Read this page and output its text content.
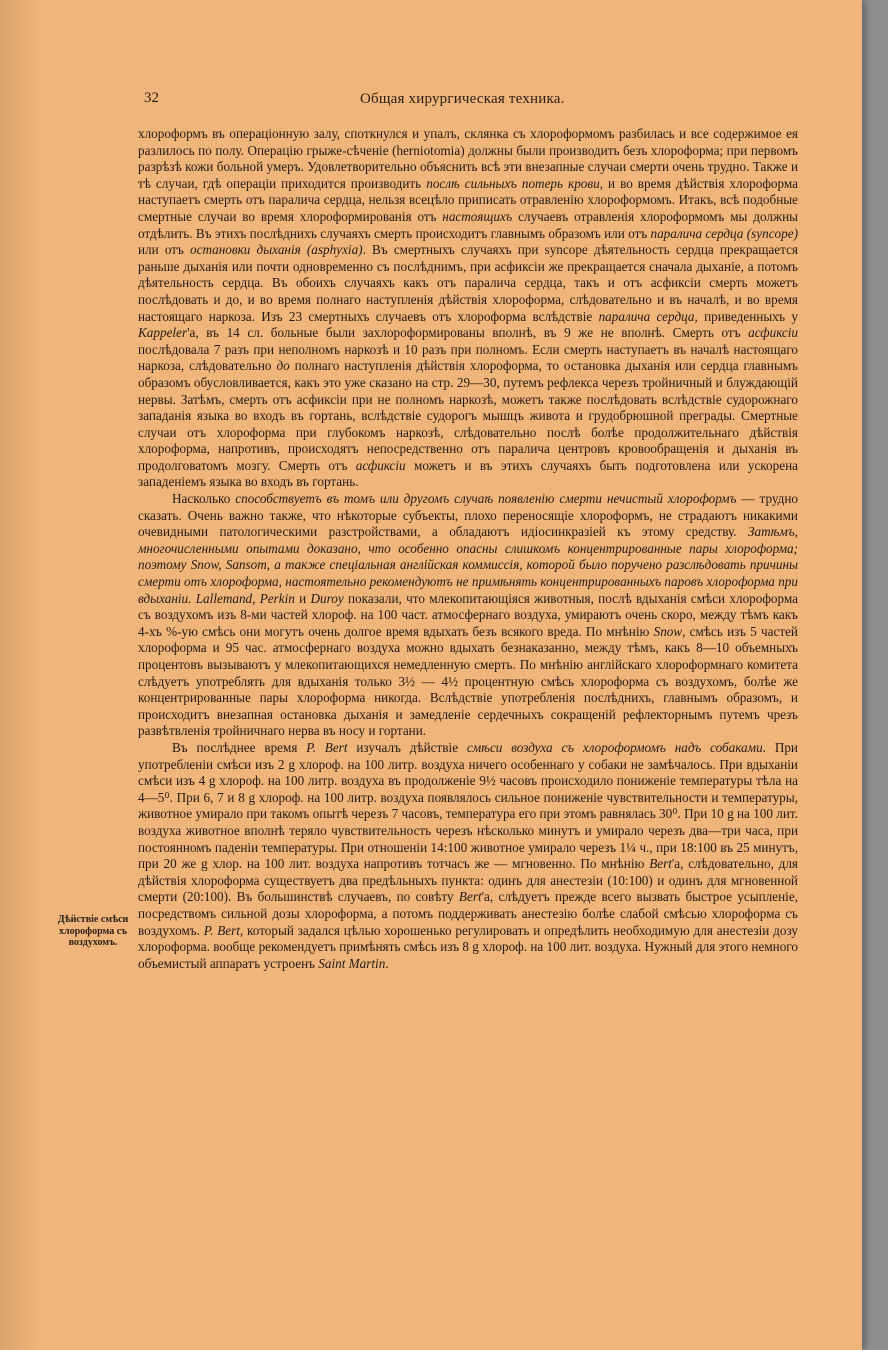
32	Общая хирургическая техника.
Дѣйствіе смѣси хлороформа съ воздухомъ.

хлороформъ въ операціонную залу, споткнулся и упалъ, склянка съ хлороформомъ разбилась и все содержимое ея разлилось по полу. Операцію грыже-сѣченіе (herniotomia) должны были производить безъ хлороформа; при первомъ разрѣзѣ кожи больной умеръ. Удовлетворительно объяснить всѣ эти внезапные случаи смерти очень трудно. Также и тѣ случаи, гдѣ операціи приходится производить послѣ сильныхъ потерь крови, и во время дѣйствія хлороформа наступаетъ смерть отъ паралича сердца, нельзя всецѣло приписать отравленію хлороформомъ. Итакъ, всѣ подобные смертные случаи во время хлороформированія отъ настоящихъ случаевъ отравленія хлороформомъ мы должны отдѣлить. Въ этихъ послѣднихъ случаяхъ смерть происходитъ главнымъ образомъ или отъ паралича сердца (syncope) или отъ остановки дыханія (asphyxia). Въ смертныхъ случаяхъ при syncope дѣятельность сердца прекращается раньше дыханія или почти одновременно съ послѣднимъ, при асфиксіи же прекращается сначала дыханіе, а потомъ дѣятельность сердца. Въ обоихъ случаяхъ какъ отъ паралича сердца, такъ и отъ асфиксіи смерть можетъ послѣдовать и до, и во время полнаго наступленія дѣйствія хлороформа, слѣдовательно и въ началѣ, и во время настоящаго наркоза. Изъ 23 смертныхъ случаевъ отъ хлороформа вслѣдствіе паралича сердца, приведенныхъ у Kappeler'а, въ 14 сл. больные были захлороформированы вполнѣ, въ 9 же не вполнѣ. Смерть отъ асфиксіи послѣдовала 7 разъ при неполномъ наркозѣ и 10 разъ при полномъ. Если смерть наступаетъ въ началѣ настоящаго наркоза, слѣдовательно до полнаго наступленія дѣйствія хлороформа, то остановка дыханія или сердца главнымъ образомъ обусловливается, какъ это уже сказано на стр. 29—30, путемъ рефлекса черезъ тройничный и блуждающій нервы. Затѣмъ, смерть отъ асфиксіи при не полномъ наркозѣ, можетъ также послѣдовать вслѣдствіе судорожнаго западанія языка во входъ въ гортань, вслѣдствіе судорогъ мышцъ живота и грудобрюшной преграды. Смертные случаи отъ хлороформа при глубокомъ наркозѣ, слѣдовательно послѣ болѣе продолжительнаго дѣйствія хлороформа, напротивъ, происходятъ непосредственно отъ паралича центровъ кровообращенія и дыханія въ продолговатомъ мозгу. Смерть отъ асфиксіи можетъ и въ этихъ случаяхъ быть подготовлена или ускорена западеніемъ языка во входъ въ гортань.

Насколько способствуетъ въ томъ или другомъ случаѣ появленію смерти нечистый хлороформъ — трудно сказать. Очень важно также, что нѣкоторые субъекты, плохо переносящіе хлороформъ, не страдаютъ никакими очевидными патологическими разстройствами, а обладаютъ идіосинкразіей къ этому средству. Затѣмъ, многочисленными опытами доказано, что особенно опасны слишкомъ концентрированные пары хлороформа; поэтому Snow, Sansom, а также спеціальная англійская коммиссія, которой было поручено разслѣдовать причины смерти отъ хлороформа, настоятельно рекомендуютъ не примѣнять концентрированныхъ паровъ хлороформа при вдыханіи. Lallemand, Perkin и Duroy показали, что млекопитающіяся животныя, послѣ вдыханія смѣси хлороформа съ воздухомъ изъ 8-ми частей хлороф. на 100 част. атмосфернаго воздуха, умираютъ очень скоро, между тѣмъ какъ 4-хъ %-ую смѣсь они могутъ очень долгое время вдыхать безъ всякого вреда. По мнѣнію Snow, смѣсь изъ 5 частей хлороформа и 95 час. атмосфернаго воздуха можно вдыхать безнаказанно, между тѣмъ, какъ 8—10 объемныхъ процентовъ вызываютъ у млекопитающихся немедленную смерть. По мнѣнію англійскаго хлороформнаго комитета слѣдуетъ употреблять для вдыханія только 3½ — 4½ процентную смѣсь хлороформа съ воздухомъ, болѣе же концентрированные пары хлороформа никогда. Вслѣдствіе употребленія послѣднихъ, главнымъ образомъ, и происходитъ внезапная остановка дыханія и замедленіе сердечныхъ сокращеній рефлекторнымъ путемъ чрезъ развѣтвленія тройничнаго нерва въ носу и гортани.

Въ послѣднее время P. Bert изучалъ дѣйствіе смѣси воздуха съ хлороформомъ надъ собаками. При употребленіи смѣси изъ 2 g хлороф. на 100 литр. воздуха ничего особеннаго у собаки не замѣчалось. При вдыханіи смѣси изъ 4 g хлороф. на 100 литр. воздуха въ продолженіе 9½ часовъ происходило пониженіе температуры тѣла на 4—5⁰. При 6, 7 и 8 g хлороф. на 100 литр. воздуха появлялось сильное пониженіе чувствительности и температуры, животное умирало при такомъ опытѣ черезъ 7 часовъ, температура его при этомъ равнялась 30⁰. При 10 g на 100 лит. воздуха животное вполнѣ теряло чувствительность черезъ нѣсколько минутъ и умирало черезъ два—три часа, при постоянномъ паденіи температуры. При отношеніи 14:100 животное умирало черезъ 1¼ ч., при 18:100 въ 25 минутъ, при 20 же g хлор. на 100 лит. воздуха напротивъ тотчасъ же — мгновенно. По мнѣнію Bert'а, слѣдовательно, для дѣйствія хлороформа существуетъ два предѣльныхъ пункта: одинъ для анестезіи (10:100) и одинъ для мгновенной смерти (20:100). Въ большинствѣ случаевъ, по совѣту Bert'а, слѣдуетъ прежде всего вызвать быстрое усыпленіе, посредствомъ сильной дозы хлороформа, а потомъ поддерживать анестезію болѣе слабой смѣсью хлороформа съ воздухомъ. P. Bert, который задался цѣлью хорошенько регулировать и опредѣлить необходимую для анестезіи дозу хлороформа. вообще рекомендуетъ примѣнять смѣсь изъ 8 g хлороф. на 100 лит. воздуха. Нужный для этого немного объемистый аппаратъ устроенъ Saint Martin.
